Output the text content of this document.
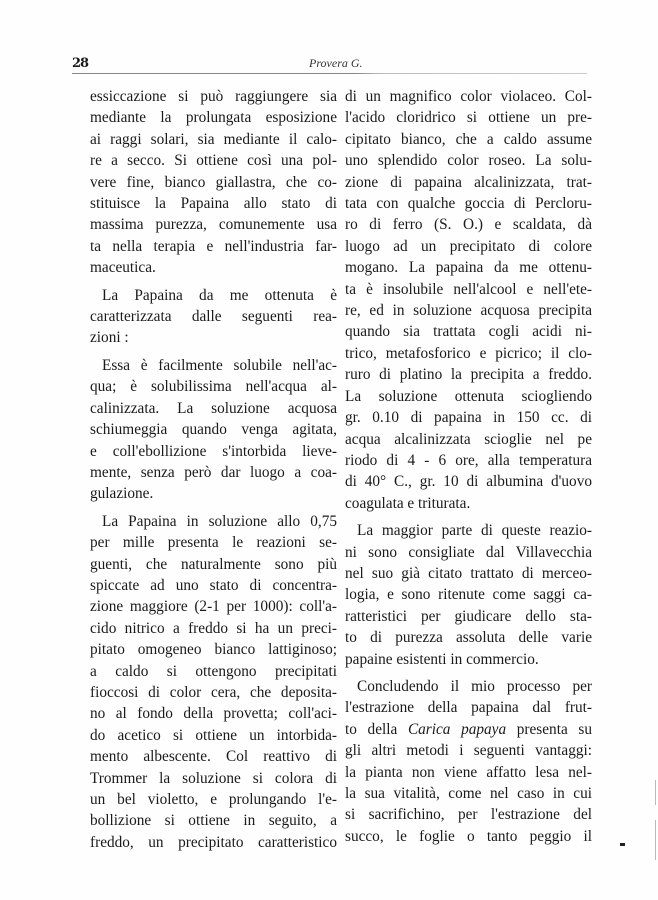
28	Provera G.
essiccazione si può raggiungere sia
mediante la prolungata esposizione
ai raggi solari, sia mediante il calo-
re a secco. Si ottiene così una pol-
vere fine, bianco giallastra, che co-
stituisce la Papaina allo stato di
massima purezza, comunemente usa
ta nella terapia e nell'industria far-
maceutica.
La Papaina da me ottenuta è
caratterizzata dalle seguenti rea-
zioni :
Essa è facilmente solubile nell'ac-
qua; è solubilissima nell'acqua al-
calinizzata. La soluzione acquosa
schiumeggia quando venga agitata,
e coll'ebollizione s'intorbida lieve-
mente, senza però dar luogo a coa-
gulazione.
La Papaina in soluzione allo 0,75
per mille presenta le reazioni se-
guenti, che naturalmente sono più
spiccate ad uno stato di concentra-
zione maggiore (2-1 per 1000): coll'a-
cido nitrico a freddo si ha un preci-
pitato omogeneo bianco lattiginoso;
a caldo si ottengono precipitati
fioccosi di color cera, che deposita-
no al fondo della provetta; coll'aci-
do acetico si ottiene un intorbida-
mento albescente. Col reattivo di
Trommer la soluzione si colora di
un bel violetto, e prolungando l'e-
bollizione si ottiene in seguito, a
freddo, un precipitato caratteristico
di un magnifico color violaceo. Col-
l'acido cloridrico si ottiene un pre-
cipitato bianco, che a caldo assume
uno splendido color roseo. La solu-
zione di papaina alcalinizzata, trat-
tata con qualche goccia di Percloru-
ro di ferro (S. O.) e scaldata, dà
luogo ad un precipitato di colore
mogano. La papaina da me ottenu-
ta è insolubile nell'alcool e nell'ete-
re, ed in soluzione acquosa precipita
quando sia trattata cogli acidi ni-
trico, metafosforico e picrico; il clo-
ruro di platino la precipita a freddo.
La soluzione ottenuta sciogliendo
gr. 0.10 di papaina in 150 cc. di
acqua alcalinizzata scioglie nel pe
riodo di 4 - 6 ore, alla temperatura
di 40° C., gr. 10 di albumina d'uovo
coagulata e triturata.
La maggior parte di queste reazio-
ni sono consigliate dal Villavecchia
nel suo già citato trattato di merceo-
logia, e sono ritenute come saggi ca-
ratteristici per giudicare dello sta-
to di purezza assoluta delle varie
papaine esistenti in commercio.
Concludendo il mio processo per
l'estrazione della papaina dal frut-
to della Carica papaya presenta su
gli altri metodi i seguenti vantaggi:
la pianta non viene affatto lesa nel-
la sua vitalità, come nel caso in cui
si sacrifichino, per l'estrazione del
succo, le foglie o tanto peggio il
